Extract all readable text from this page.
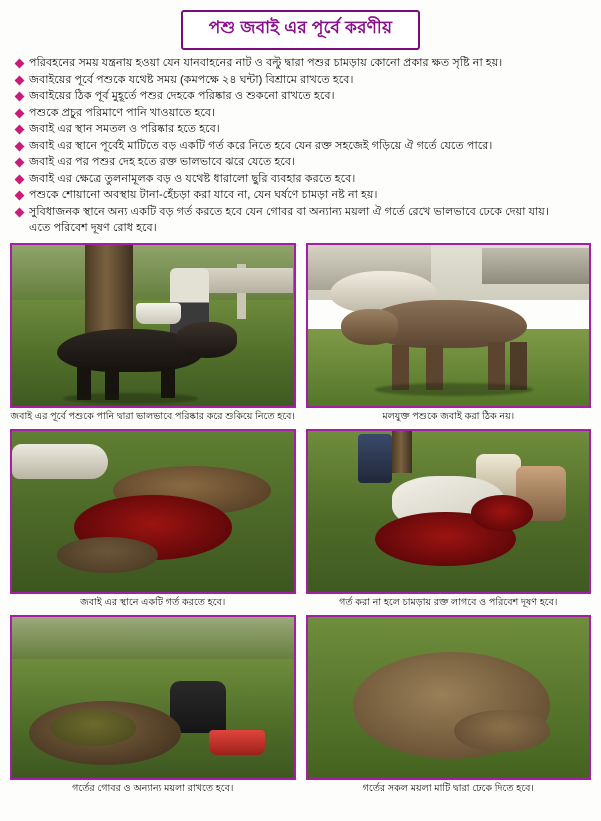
পশু জবাই এর পূর্বে করণীয়
পরিবহনের সময় যন্ত্রনায় হওয়া যেন যানবাহনের নাট ও বল্টু দ্বারা পশুর চামড়ায় কোনো প্রকার ক্ষত সৃষ্টি না হয়।
জবাইয়ের পূর্বে পশুকে যথেষ্ট সময় (কমপক্ষে ২৪ ঘন্টা) বিশ্রামে রাখতে হবে।
জবাইয়ের ঠিক পূর্ব মুহূর্তে পশুর দেহকে পরিষ্কার ও শুকনো রাখতে হবে।
পশুকে প্রচুর পরিমাণে পানি খাওয়াতে হবে।
জবাই এর স্থান সমতল ও পরিষ্কার হতে হবে।
জবাই এর স্থানে পূর্বেই মাটিতে বড় একটি গর্ত করে নিতে হবে যেন রক্ত সহজেই গড়িয়ে ঐ গর্তে যেতে পারে।
জবাই এর পর পশুর দেহ হতে রক্ত ভালভাবে ঝরে যেতে হবে।
জবাই এর ক্ষেত্রে তুলনামূলক বড় ও যথেষ্ট ধারালো ছুরি ব্যবহার করতে হবে।
পশুকে শোয়ানো অবস্থায় টানা-হেঁচড়া করা যাবে না, যেন ঘর্ষণে চামড়া নষ্ট না হয়।
সুবিধাজনক স্থানে অন্য একটি বড় গর্ত করতে হবে যেন গোবর বা অন্যান্য ময়লা ঐ গর্তে রেখে ভালভাবে ঢেকে দেয়া যায়।
এতে পরিবেশ দূষণ রোধ হবে।
জবাই এর পূর্বে পশুকে পানি দ্বারা ভালভাবে পরিষ্কার করে শুকিয়ে নিতে হবে।	মলযুক্ত পশুকে জবাই করা ঠিক নয়।
জবাই এর স্থানে একটি গর্ত করতে হবে।	গর্ত করা না হলে চামড়ায় রক্ত লাগবে ও পরিবেশ দূষণ হবে।
গর্তের গোবর ও অন্যান্য ময়লা রাখতে হবে।	গর্তের সকল ময়লা মাটি দ্বারা ঢেকে দিতে হবে।
